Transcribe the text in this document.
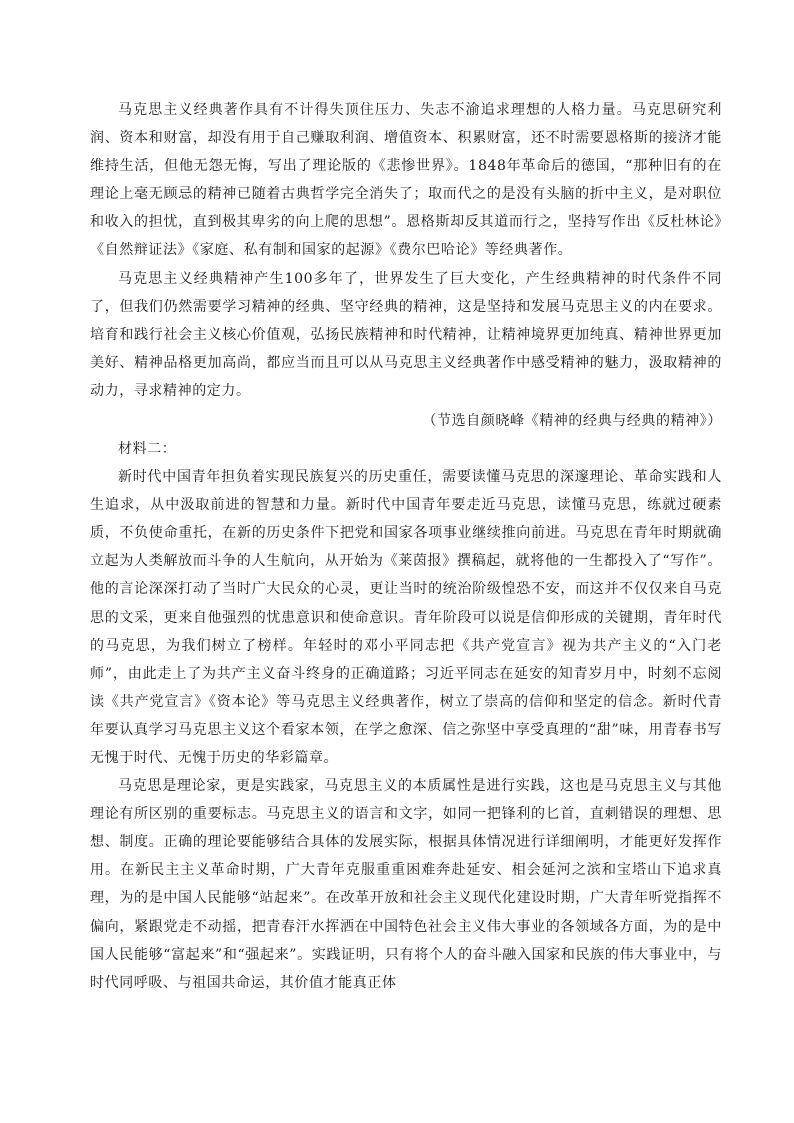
马克思主义经典著作具有不计得失顶住压力、失志不渝追求理想的人格力量。马克思研究利润、资本和财富，却没有用于自己赚取利润、增值资本、积累财富，还不时需要恩格斯的接济才能维持生活，但他无怨无悔，写出了理论版的《悲惨世界》。1848年革命后的德国，“那种旧有的在理论上毫无顾忌的精神已随着古典哲学完全消失了；取而代之的是没有头脑的折中主义，是对职位和收入的担忧，直到极其卑劣的向上爬的思想”。恩格斯却反其道而行之，坚持写作出《反杜林论》《自然辩证法》《家庭、私有制和国家的起源》《费尔巴哈论》等经典著作。

马克思主义经典精神产生100多年了，世界发生了巨大变化，产生经典精神的时代条件不同了，但我们仍然需要学习精神的经典、坚守经典的精神，这是坚持和发展马克思主义的内在要求。培育和践行社会主义核心价值观，弘扬民族精神和时代精神，让精神境界更加纯真、精神世界更加美好、精神品格更加高尚，都应当而且可以从马克思主义经典著作中感受精神的魅力，汲取精神的动力，寻求精神的定力。

（节选自颜晓峰《精神的经典与经典的精神》）

材料二：

新时代中国青年担负着实现民族复兴的历史重任，需要读懂马克思的深邃理论、革命实践和人生追求，从中汲取前进的智慧和力量。新时代中国青年要走近马克思，读懂马克思，练就过硬素质，不负使命重托，在新的历史条件下把党和国家各项事业继续推向前进。马克思在青年时期就确立起为人类解放而斗争的人生航向，从开始为《莱茵报》撰稿起，就将他的一生都投入了“写作”。他的言论深深打动了当时广大民众的心灵，更让当时的统治阶级惶恐不安，而这并不仅仅来自马克思的文采，更来自他强烈的忧患意识和使命意识。青年阶段可以说是信仰形成的关键期，青年时代的马克思，为我们树立了榜样。年轻时的邓小平同志把《共产党宣言》视为共产主义的“入门老师”，由此走上了为共产主义奋斗终身的正确道路；习近平同志在延安的知青岁月中，时刻不忘阅读《共产党宣言》《资本论》等马克思主义经典著作，树立了崇高的信仰和坚定的信念。新时代青年要认真学习马克思主义这个看家本领，在学之愈深、信之弥坚中享受真理的“甜”味，用青春书写无愧于时代、无愧于历史的华彩篇章。

马克思是理论家，更是实践家，马克思主义的本质属性是进行实践，这也是马克思主义与其他理论有所区别的重要标志。马克思主义的语言和文字，如同一把锋利的匕首，直刺错误的理想、思想、制度。正确的理论要能够结合具体的发展实际，根据具体情况进行详细阐明，才能更好发挥作用。在新民主主义革命时期，广大青年克服重重困难奔赴延安、相会延河之滨和宝塔山下追求真理，为的是中国人民能够“站起来”。在改革开放和社会主义现代化建设时期，广大青年听党指挥不偏向，紧跟党走不动摇，把青春汗水挥洒在中国特色社会主义伟大事业的各领域各方面，为的是中国人民能够“富起来”和“强起来”。实践证明，只有将个人的奋斗融入国家和民族的伟大事业中，与时代同呼吸、与祖国共命运，其价值才能真正体
